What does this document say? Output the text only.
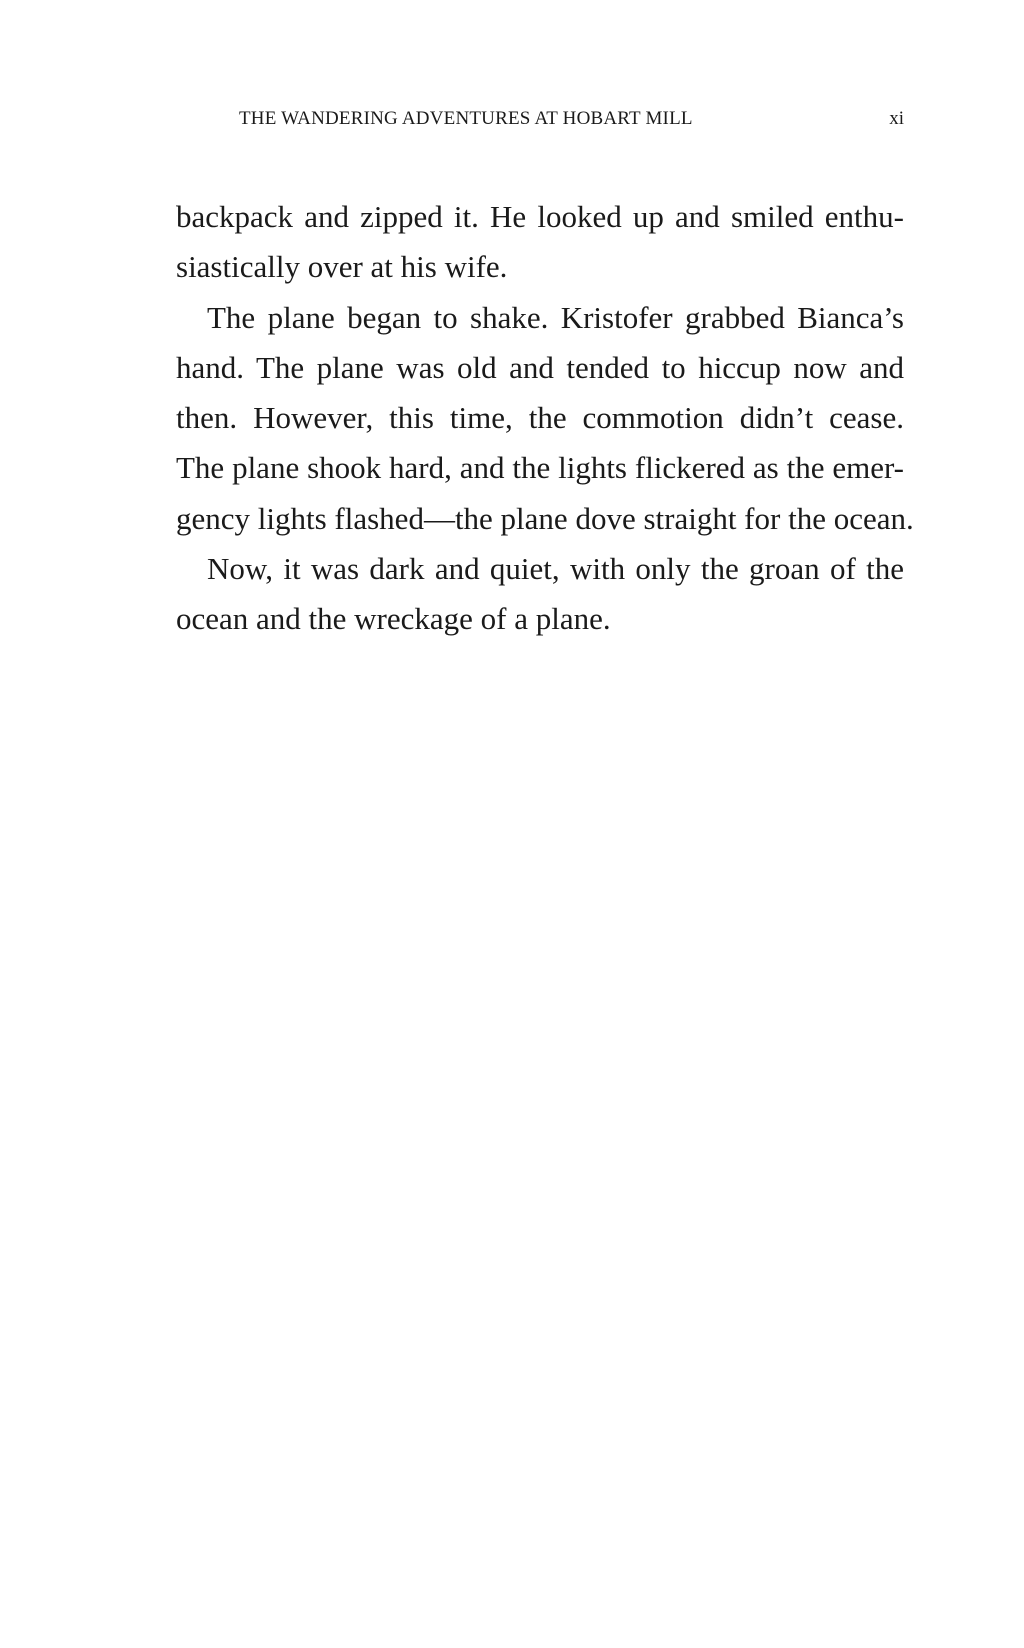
THE WANDERING ADVENTURES AT HOBART MILL	xi
backpack and zipped it. He looked up and smiled enthu-
siastically over at his wife.
The plane began to shake. Kristofer grabbed Bianca’s
hand. The plane was old and tended to hiccup now and
then. However, this time, the commotion didn’t cease.
The plane shook hard, and the lights flickered as the emer-
gency lights flashed—the plane dove straight for the ocean.
Now, it was dark and quiet, with only the groan of the
ocean and the wreckage of a plane.
